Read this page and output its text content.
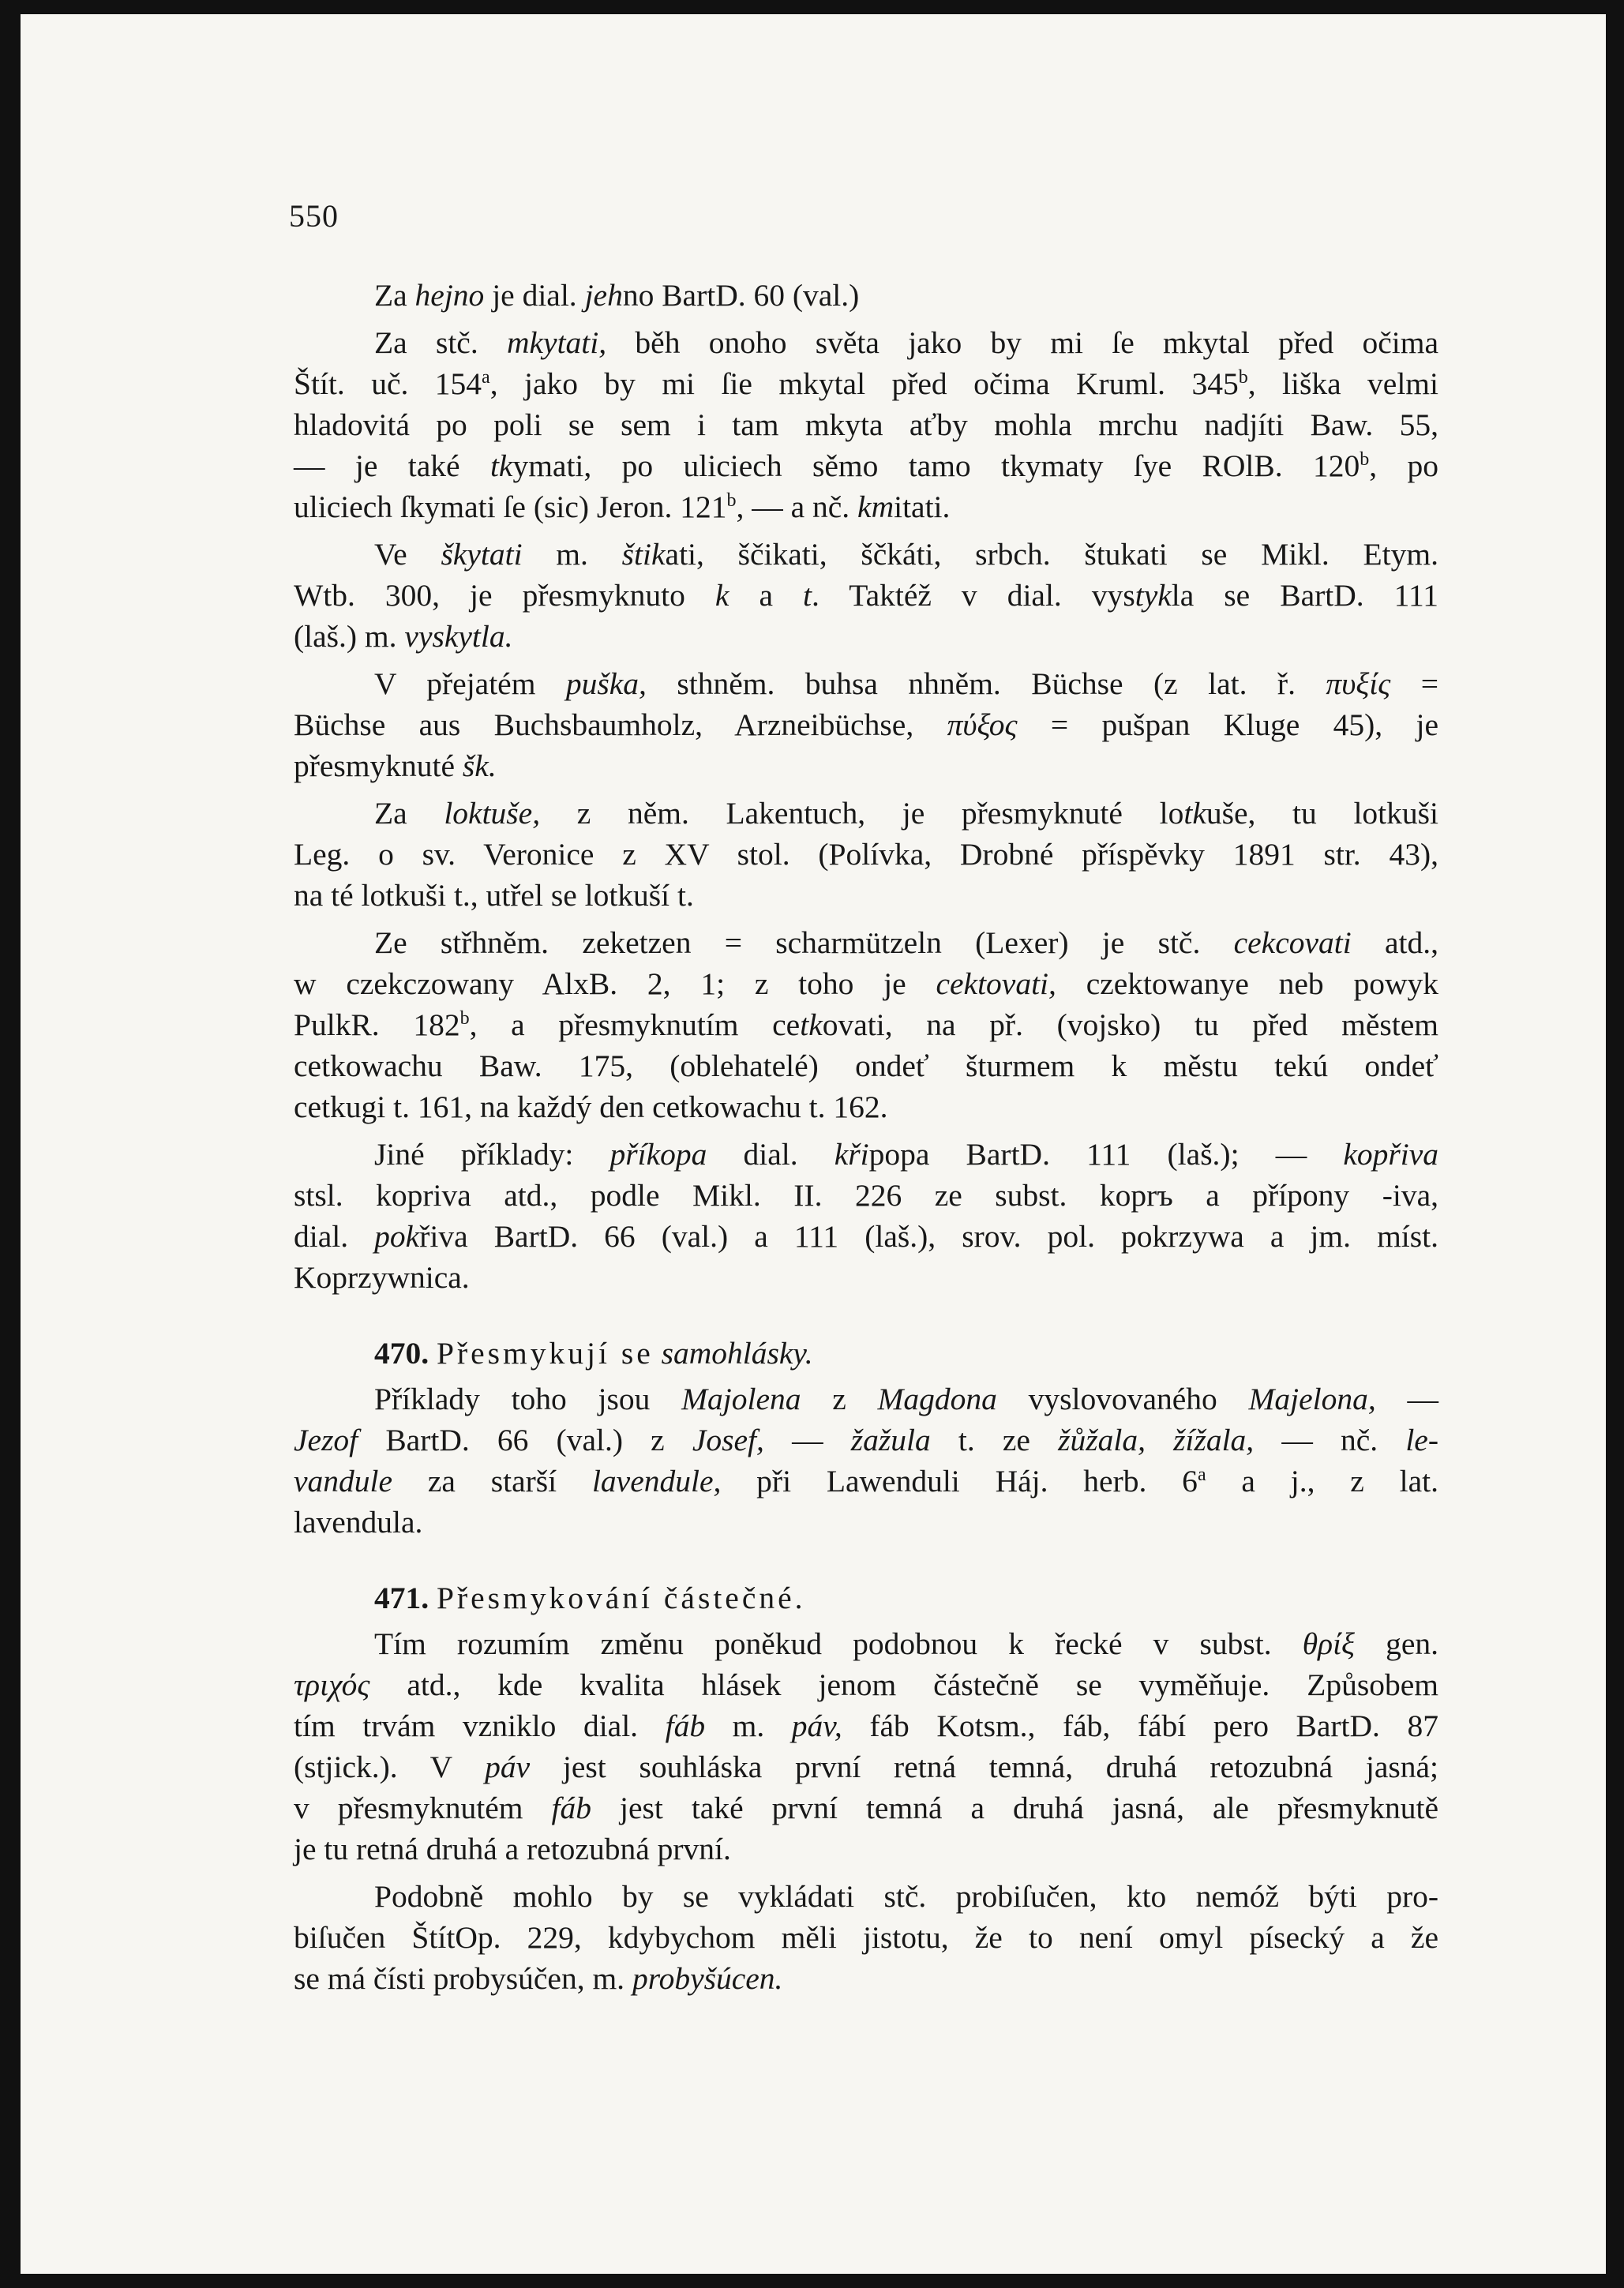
550
Za hejno je dial. jehno BartD. 60 (val.)
Za stč. mkytati, běh onoho světa jako by mi ſe mkytal před očima
Štít. uč. 154$^a$, jako by mi ſie mkytal před očima Kruml. 345$^b$, liška velmi
hladovitá po poli se sem i tam mkyta aťby mohla mrchu nadjíti Baw. 55,
— je také tkymati, po uliciech sěmo tamo tkymaty ſye ROlB. 120$^b$, po
uliciech ſkymati ſe (sic) Jeron. 121$^b$, — a nč. kmitati.
Ve škytati m. štikati, ščikati, ščkáti, srbch. štukati se Mikl. Etym.
Wtb. 300, je přesmyknuto k a t. Taktéž v dial. vystykla se BartD. 111
(laš.) m. vyskytla.
V přejatém puška, sthněm. buhsa nhněm. Büchse (z lat. ř. πυξίς =
Büchse aus Buchsbaumholz, Arzneibüchse, πύξος = pušpan Kluge 45), je
přesmyknuté šk.
Za loktuše, z něm. Lakentuch, je přesmyknuté lotkuše, tu lotkuši
Leg. o sv. Veronice z XV stol. (Polívka, Drobné příspěvky 1891 str. 43),
na té lotkuši t., utřel se lotkuší t.
Ze střhněm. zeketzen = scharmützeln (Lexer) je stč. cekcovati atd.,
w czekczowany AlxB. 2, 1; z toho je cektovati, czektowanye neb powyk
PulkR. 182$^b$, a přesmyknutím cetkovati, na př. (vojsko) tu před městem
cetkowachu Baw. 175, (oblehatelé) ondeť šturmem k městu tekú ondeť
cetkugi t. 161, na každý den cetkowachu t. 162.
Jiné příklady: příkopa dial. křipopa BartD. 111 (laš.); — kopřiva
stsl. kopriva atd., podle Mikl. II. 226 ze subst. koprъ a přípony -iva,
dial. pokřiva BartD. 66 (val.) a 111 (laš.), srov. pol. pokrzywa a jm. míst.
Koprzywnica.
470. Přesmykují se samohlásky.
Příklady toho jsou Majolena z Magdona vyslovovaného Majelona, —
Jezof BartD. 66 (val.) z Josef, — žažula t. ze žůžala, žížala, — nč. le-
vandule za starší lavendule, při Lawenduli Háj. herb. 6$^a$ a j., z lat.
lavendula.
471. Přesmykování částečné.
Tím rozumím změnu poněkud podobnou k řecké v subst. θρίξ gen.
τριχός atd., kde kvalita hlásek jenom částečně se vyměňuje. Způsobem
tím trvám vzniklo dial. fáb m. páv, fáb Kotsm., fáb, fábí pero BartD. 87
(stjick.). V páv jest souhláska první retná temná, druhá retozubná jasná;
v přesmyknutém fáb jest také první temná a druhá jasná, ale přesmyknutě
je tu retná druhá a retozubná první.
Podobně mohlo by se vykládati stč. probiſučen, kto nemóž býti pro-
biſučen ŠtítOp. 229, kdybychom měli jistotu, že to není omyl písecký a že
se má čísti probysúčen, m. probyšúcen.
